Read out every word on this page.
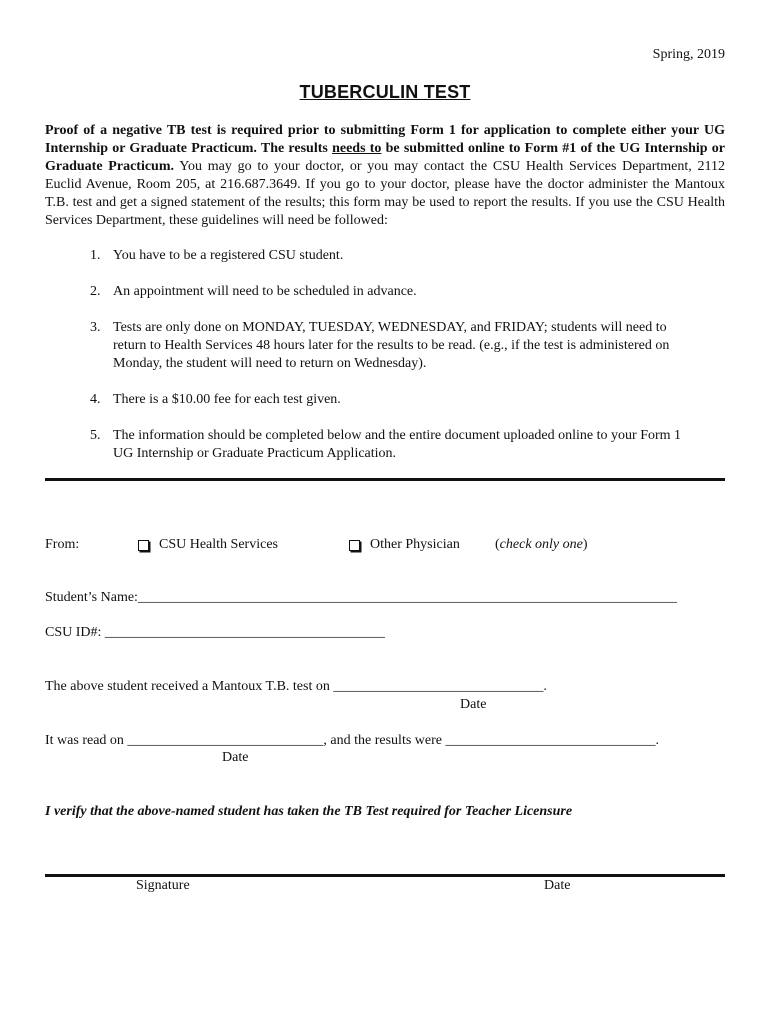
Spring, 2019
TUBERCULIN TEST
Proof of a negative TB test is required prior to submitting Form 1 for application to complete either your UG Internship or Graduate Practicum. The results needs to be submitted online to Form #1 of the UG Internship or Graduate Practicum. You may go to your doctor, or you may contact the CSU Health Services Department, 2112 Euclid Avenue, Room 205, at 216.687.3649. If you go to your doctor, please have the doctor administer the Mantoux T.B. test and get a signed statement of the results; this form may be used to report the results. If you use the CSU Health Services Department, these guidelines will need be followed:
1. You have to be a registered CSU student.
2. An appointment will need to be scheduled in advance.
3. Tests are only done on MONDAY, TUESDAY, WEDNESDAY, and FRIDAY; students will need to return to Health Services 48 hours later for the results to be read. (e.g., if the test is administered on Monday, the student will need to return on Wednesday).
4. There is a $10.00 fee for each test given.
5. The information should be completed below and the entire document uploaded online to your Form 1 UG Internship or Graduate Practicum Application.
From:	CSU Health Services	Other Physician	(check only one)
Student’s Name:_____________________________________________________________________________
CSU ID#: ________________________________________
The above student received a Mantoux T.B. test on ______________________________.
Date
It was read on ____________________________, and the results were ______________________________.
Date
I verify that the above-named student has taken the TB Test required for Teacher Licensure
Signature	Date
